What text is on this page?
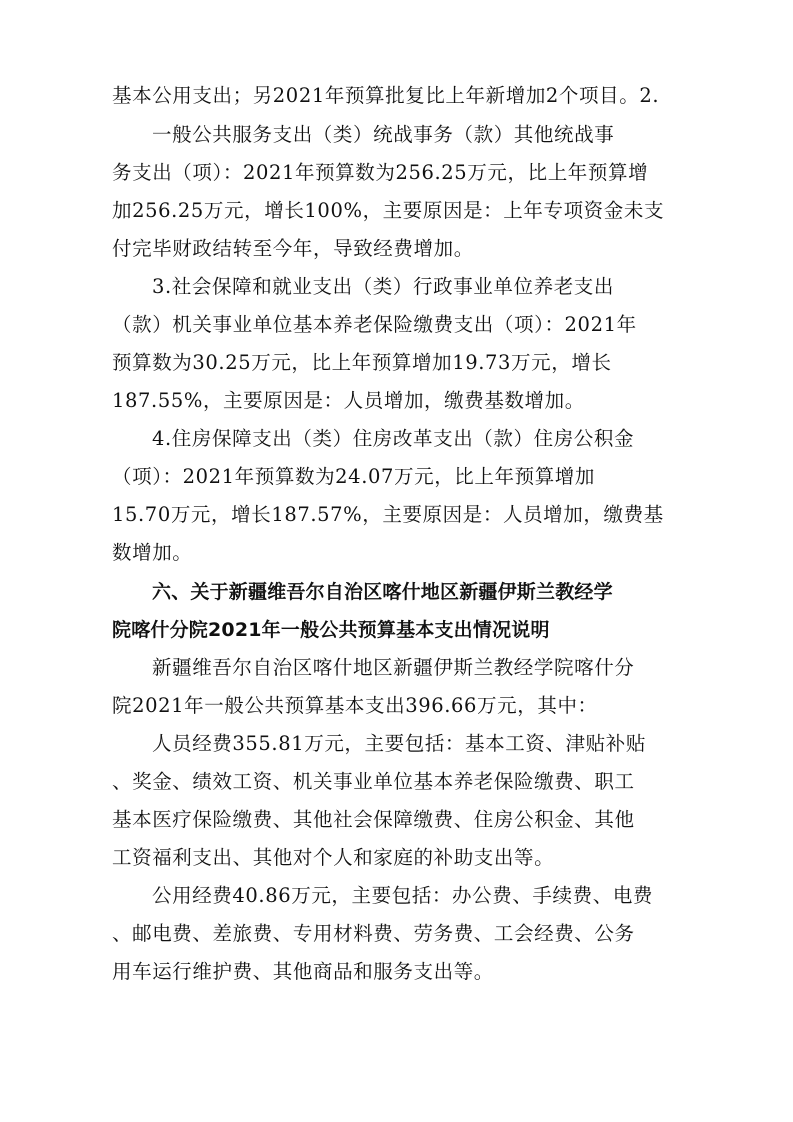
基本公用支出；另2021年预算批复比上年新增加2个项目。2.
一般公共服务支出（类）统战事务（款）其他统战事
务支出（项）：2021年预算数为256.25万元，比上年预算增
加256.25万元，增长100%，主要原因是：上年专项资金未支
付完毕财政结转至今年，导致经费增加。
3.社会保障和就业支出（类）行政事业单位养老支出
（款）机关事业单位基本养老保险缴费支出（项）：2021年
预算数为30.25万元，比上年预算增加19.73万元，增长
187.55%，主要原因是：人员增加，缴费基数增加。
4.住房保障支出（类）住房改革支出（款）住房公积金
（项）：2021年预算数为24.07万元，比上年预算增加
15.70万元，增长187.57%，主要原因是：人员增加，缴费基
数增加。
六、关于新疆维吾尔自治区喀什地区新疆伊斯兰教经学
院喀什分院2021年一般公共预算基本支出情况说明
新疆维吾尔自治区喀什地区新疆伊斯兰教经学院喀什分
院2021年一般公共预算基本支出396.66万元，其中：
人员经费355.81万元，主要包括：基本工资、津贴补贴
、奖金、绩效工资、机关事业单位基本养老保险缴费、职工
基本医疗保险缴费、其他社会保障缴费、住房公积金、其他
工资福利支出、其他对个人和家庭的补助支出等。
公用经费40.86万元，主要包括：办公费、手续费、电费
、邮电费、差旅费、专用材料费、劳务费、工会经费、公务
用车运行维护费、其他商品和服务支出等。
